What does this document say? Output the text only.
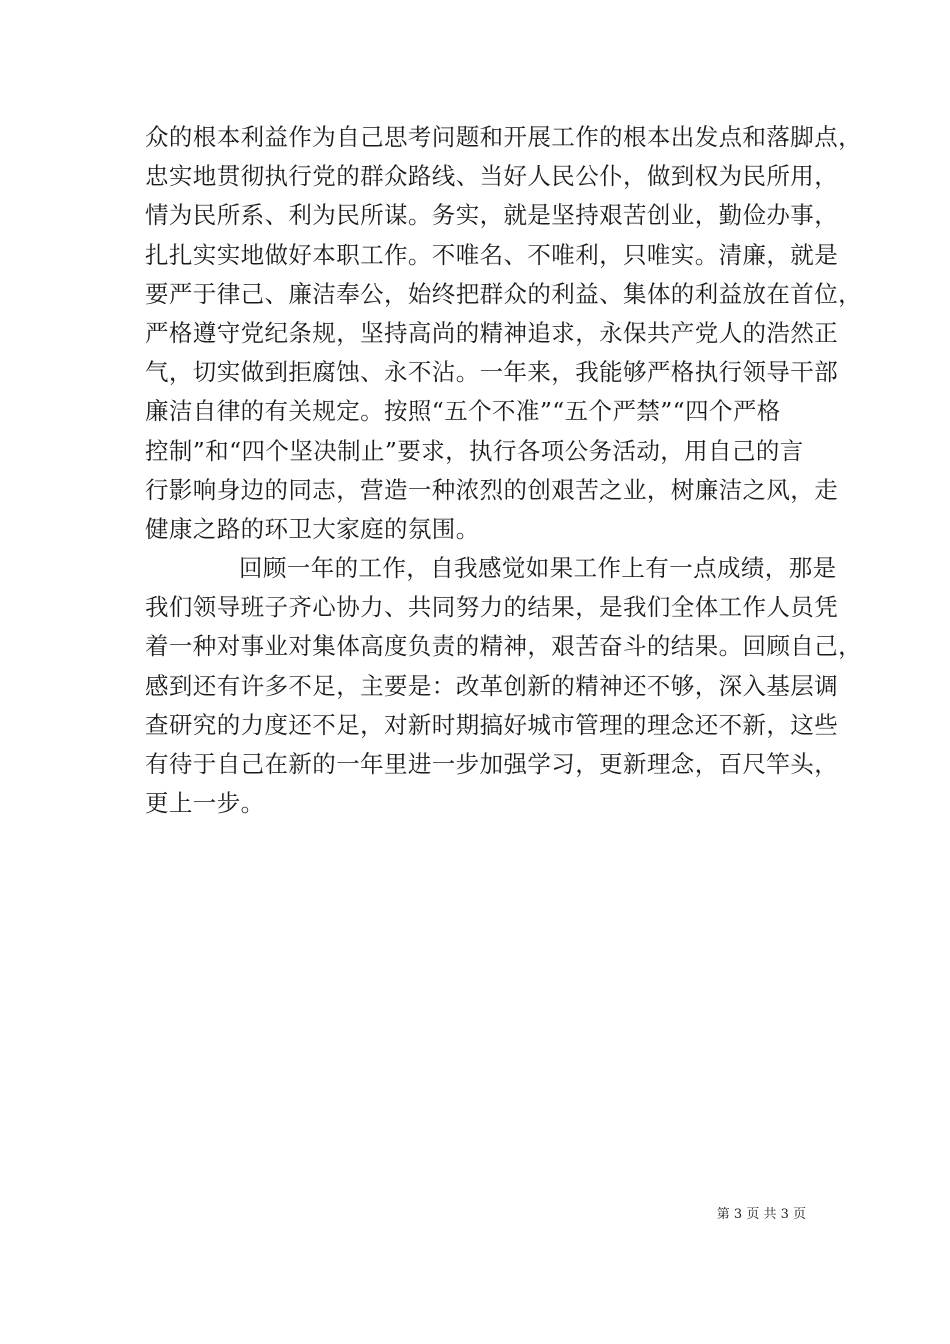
众的根本利益作为自己思考问题和开展工作的根本出发点和落脚点，
忠实地贯彻执行党的群众路线、当好人民公仆，做到权为民所用，
情为民所系、利为民所谋。务实，就是坚持艰苦创业，勤俭办事，
扎扎实实地做好本职工作。不唯名、不唯利，只唯实。清廉，就是
要严于律己、廉洁奉公，始终把群众的利益、集体的利益放在首位，
严格遵守党纪条规，坚持高尚的精神追求，永保共产党人的浩然正
气，切实做到拒腐蚀、永不沾。一年来，我能够严格执行领导干部
廉洁自律的有关规定。按照“五个不准”“五个严禁”“四个严格
控制”和“四个坚决制止”要求，执行各项公务活动，用自己的言
行影响身边的同志，营造一种浓烈的创艰苦之业，树廉洁之风，走
健康之路的环卫大家庭的氛围。
回顾一年的工作，自我感觉如果工作上有一点成绩，那是
我们领导班子齐心协力、共同努力的结果，是我们全体工作人员凭
着一种对事业对集体高度负责的精神，艰苦奋斗的结果。回顾自己，
感到还有许多不足，主要是：改革创新的精神还不够，深入基层调
查研究的力度还不足，对新时期搞好城市管理的理念还不新，这些
有待于自己在新的一年里进一步加强学习，更新理念，百尺竿头，
更上一步。
第 3 页 共 3 页
